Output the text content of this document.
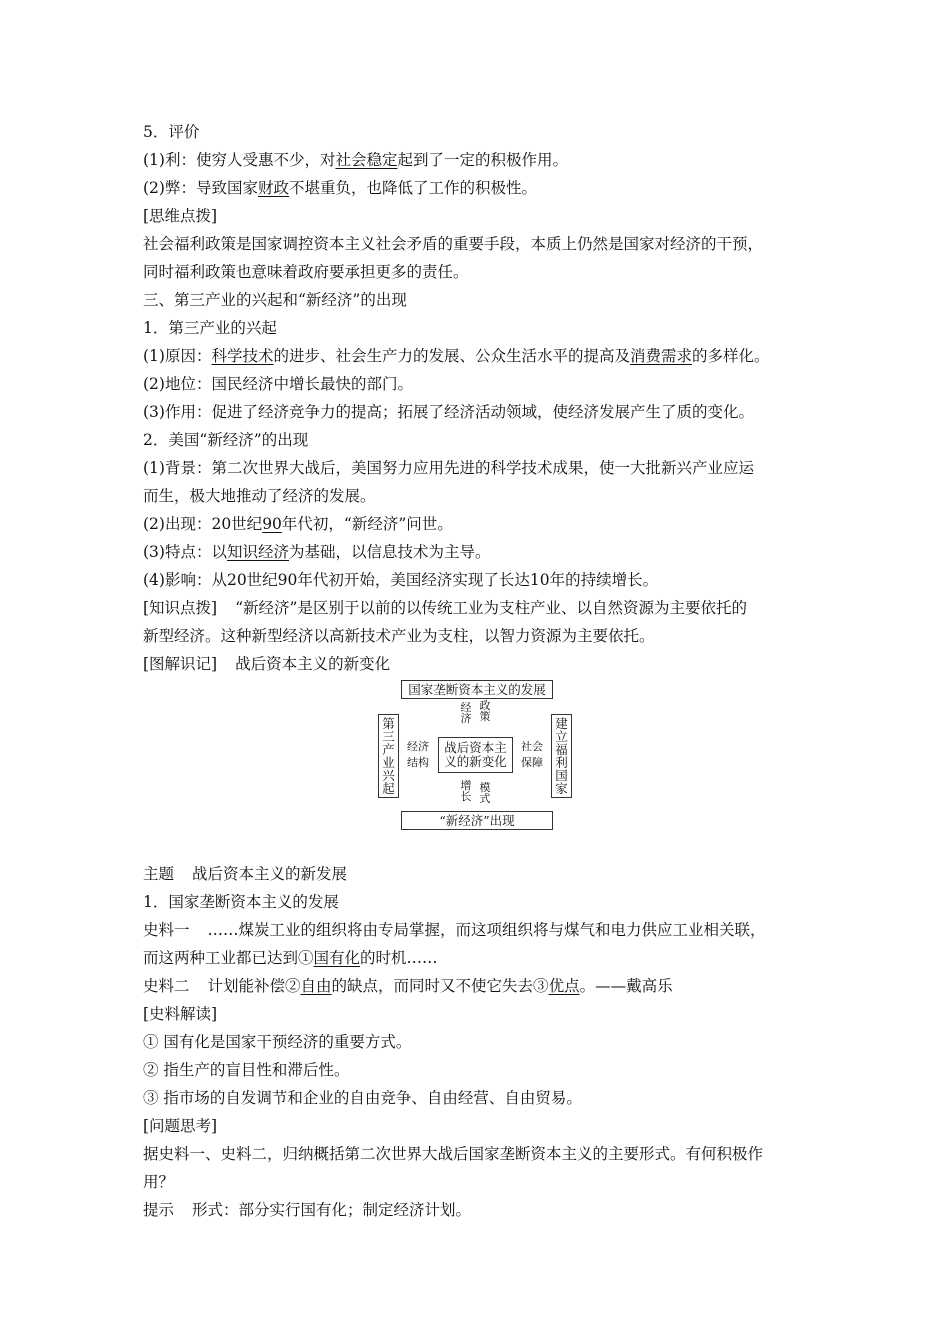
5．评价
(1)利：使穷人受惠不少，对社会稳定起到了一定的积极作用。
(2)弊：导致国家财政不堪重负，也降低了工作的积极性。
[思维点拨]
社会福利政策是国家调控资本主义社会矛盾的重要手段，本质上仍然是国家对经济的干预，
同时福利政策也意味着政府要承担更多的责任。
三、第三产业的兴起和“新经济”的出现
1．第三产业的兴起
(1)原因：科学技术的进步、社会生产力的发展、公众生活水平的提高及消费需求的多样化。
(2)地位：国民经济中增长最快的部门。
(3)作用：促进了经济竞争力的提高；拓展了经济活动领域，使经济发展产生了质的变化。
2．美国“新经济”的出现
(1)背景：第二次世界大战后，美国努力应用先进的科学技术成果，使一大批新兴产业应运
而生，极大地推动了经济的发展。
(2)出现：20世纪90年代初，“新经济”问世。
(3)特点：以知识经济为基础，以信息技术为主导。
(4)影响：从20世纪90年代初开始，美国经济实现了长达10年的持续增长。
[知识点拨] “新经济”是区别于以前的以传统工业为支柱产业、以自然资源为主要依托的
新型经济。这种新型经济以高新技术产业为支柱，以智力资源为主要依托。
[图解识记] 战后资本主义的新变化
国家垄断资本主义的发展
“新经济”出现
第
三
产
业
兴
起
建
立
福
利
国
家
战后资本主
义的新变化
经
济
政
策
经济
结构
社会
保障
增
长
模
式
主题 战后资本主义的新发展
1．国家垄断资本主义的发展
史料一 ……煤炭工业的组织将由专局掌握，而这项组织将与煤气和电力供应工业相关联，
而这两种工业都已达到①国有化的时机……
史料二 计划能补偿②自由的缺点，而同时又不使它失去③优点。——戴高乐
[史料解读]
① 国有化是国家干预经济的重要方式。
② 指生产的盲目性和滞后性。
③ 指市场的自发调节和企业的自由竞争、自由经营、自由贸易。
[问题思考]
据史料一、史料二，归纳概括第二次世界大战后国家垄断资本主义的主要形式。有何积极作
用？
提示 形式：部分实行国有化；制定经济计划。
